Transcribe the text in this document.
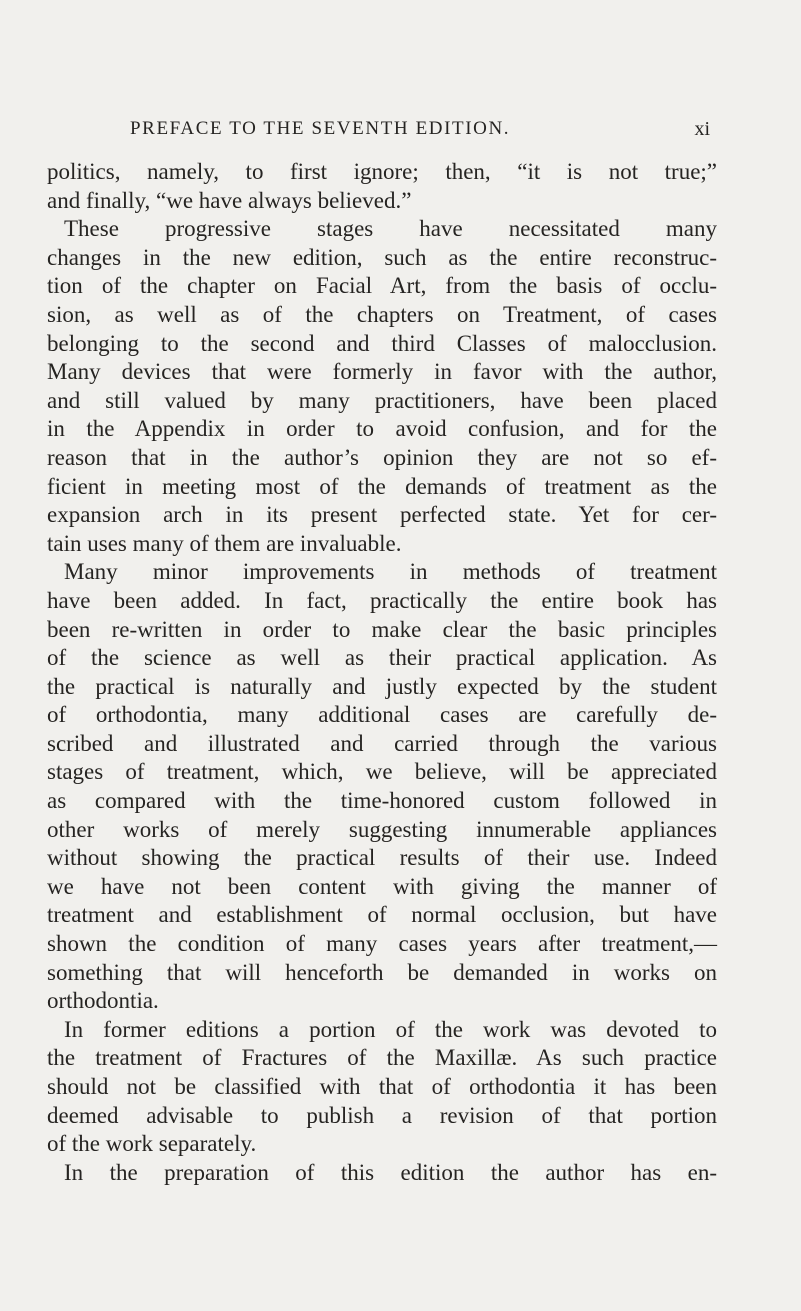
PREFACE TO THE SEVENTH EDITION.	xi
politics, namely, to first ignore; then, “it is not true;”
and finally, “we have always believed.”
These progressive stages have necessitated many
changes in the new edition, such as the entire reconstruc-
tion of the chapter on Facial Art, from the basis of occlu-
sion, as well as of the chapters on Treatment, of cases
belonging to the second and third Classes of malocclusion.
Many devices that were formerly in favor with the author,
and still valued by many practitioners, have been placed
in the Appendix in order to avoid confusion, and for the
reason that in the author’s opinion they are not so ef-
ficient in meeting most of the demands of treatment as the
expansion arch in its present perfected state. Yet for cer-
tain uses many of them are invaluable.
Many minor improvements in methods of treatment
have been added. In fact, practically the entire book has
been re-written in order to make clear the basic principles
of the science as well as their practical application. As
the practical is naturally and justly expected by the student
of orthodontia, many additional cases are carefully de-
scribed and illustrated and carried through the various
stages of treatment, which, we believe, will be appreciated
as compared with the time-honored custom followed in
other works of merely suggesting innumerable appliances
without showing the practical results of their use. Indeed
we have not been content with giving the manner of
treatment and establishment of normal occlusion, but have
shown the condition of many cases years after treatment,—
something that will henceforth be demanded in works on
orthodontia.
In former editions a portion of the work was devoted to
the treatment of Fractures of the Maxillæ. As such practice
should not be classified with that of orthodontia it has been
deemed advisable to publish a revision of that portion
of the work separately.
In the preparation of this edition the author has en-
